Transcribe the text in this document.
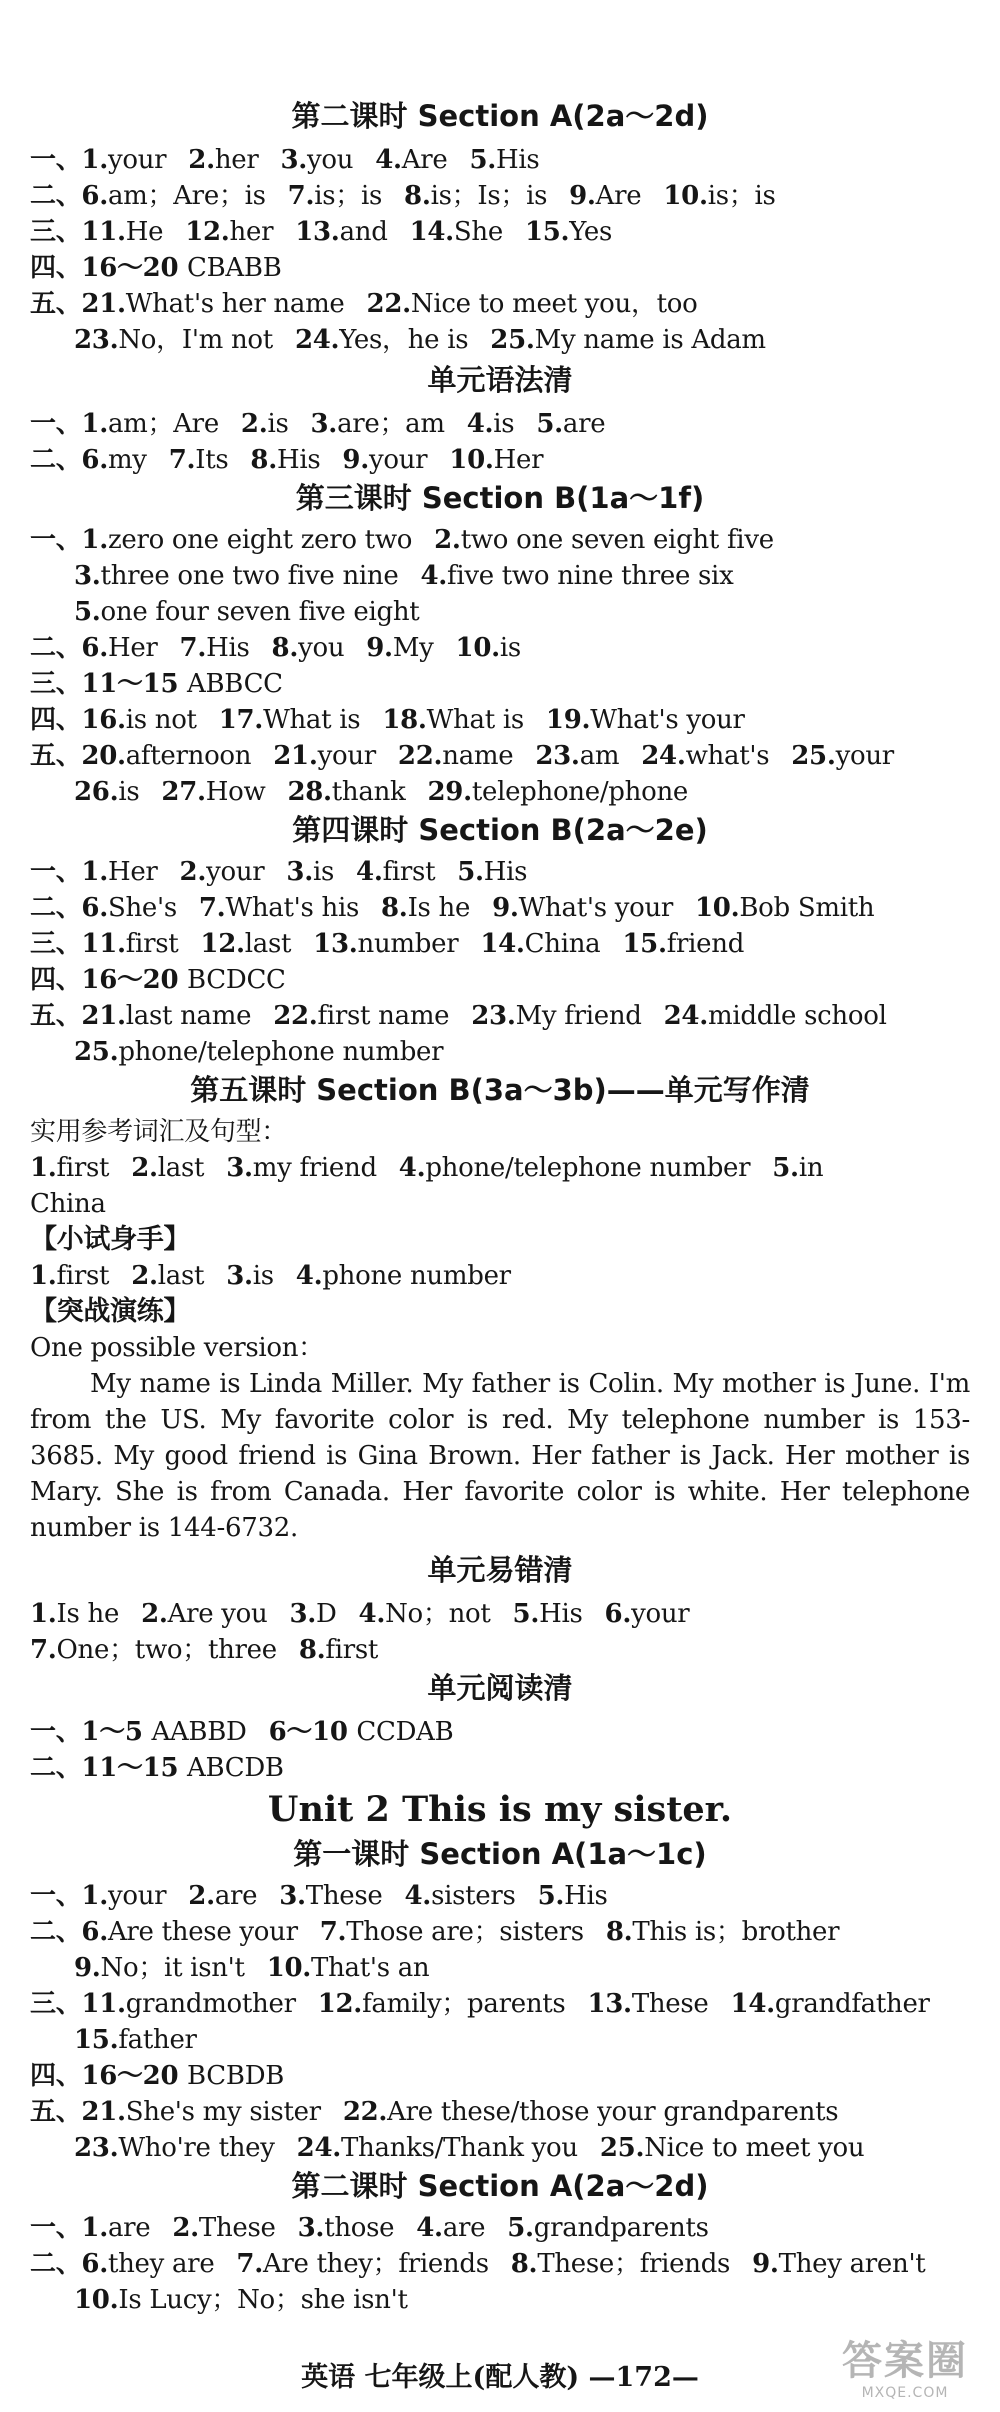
第二课时 Section A(2a～2d)
一、1.your 2.her 3.you 4.Are 5.His
二、6.am；Are；is 7.is；is 8.is；Is；is 9.Are 10.is；is
三、11.He 12.her 13.and 14.She 15.Yes
四、16～20 CBABB
五、21.What's her name 22.Nice to meet you，too
23.No，I'm not 24.Yes，he is 25.My name is Adam
单元语法清
一、1.am；Are 2.is 3.are；am 4.is 5.are
二、6.my 7.Its 8.His 9.your 10.Her
第三课时 Section B(1a～1f)
一、1.zero one eight zero two 2.two one seven eight five
3.three one two five nine 4.five two nine three six
5.one four seven five eight
二、6.Her 7.His 8.you 9.My 10.is
三、11～15 ABBCC
四、16.is not 17.What is 18.What is 19.What's your
五、20.afternoon 21.your 22.name 23.am 24.what's 25.your
26.is 27.How 28.thank 29.telephone/phone
第四课时 Section B(2a～2e)
一、1.Her 2.your 3.is 4.first 5.His
二、6.She's 7.What's his 8.Is he 9.What's your 10.Bob Smith
三、11.first 12.last 13.number 14.China 15.friend
四、16～20 BCDCC
五、21.last name 22.first name 23.My friend 24.middle school
25.phone/telephone number
第五课时 Section B(3a～3b)——单元写作清
实用参考词汇及句型：
1.first 2.last 3.my friend 4.phone/telephone number 5.in
China
【小试身手】
1.first 2.last 3.is 4.phone number
【突战演练】
One possible version：
My name is Linda Miller. My father is Colin. My mother is June. I'm from the US. My favorite color is red. My telephone number is 153-3685. My good friend is Gina Brown. Her father is Jack. Her mother is Mary. She is from Canada. Her favorite color is white. Her telephone number is 144-6732.
单元易错清
1.Is he 2.Are you 3.D 4.No；not 5.His 6.your
7.One；two；three 8.first
单元阅读清
一、1～5 AABBD 6～10 CCDAB
二、11～15 ABCDB
Unit 2 This is my sister.
第一课时 Section A(1a～1c)
一、1.your 2.are 3.These 4.sisters 5.His
二、6.Are these your 7.Those are；sisters 8.This is；brother
9.No；it isn't 10.That's an
三、11.grandmother 12.family；parents 13.These 14.grandfather
15.father
四、16～20 BCBDB
五、21.She's my sister 22.Are these/those your grandparents
23.Who're they 24.Thanks/Thank you 25.Nice to meet you
第二课时 Section A(2a～2d)
一、1.are 2.These 3.those 4.are 5.grandparents
二、6.they are 7.Are they；friends 8.These；friends 9.They aren't
10.Is Lucy；No；she isn't
英语 七年级上(配人教) —172—	答案圈
MXQE.COM
